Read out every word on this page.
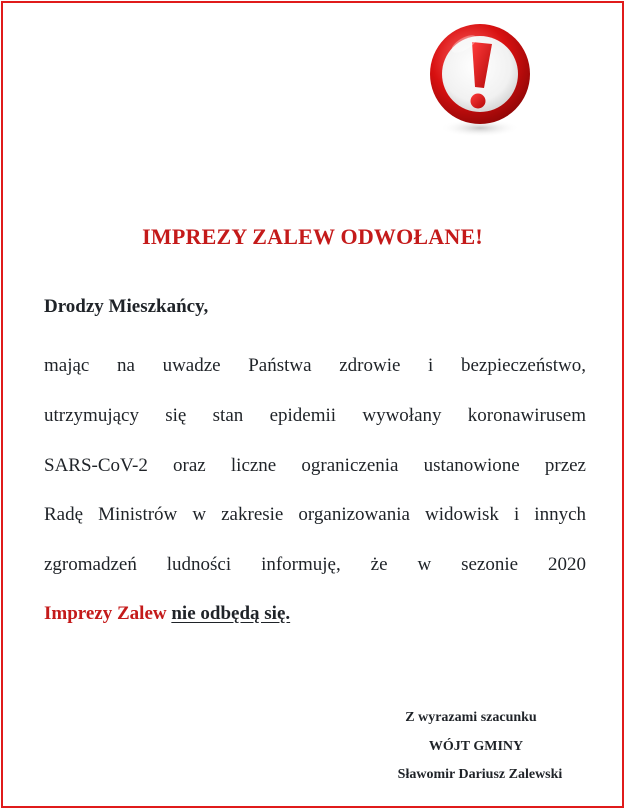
IMPREZY ZALEW ODWOŁANE!
Drodzy Mieszkańcy,
mając na uwadze Państwa zdrowie i bezpieczeństwo,
utrzymujący się stan epidemii wywołany koronawirusem
SARS-CoV-2 oraz liczne ograniczenia ustanowione przez
Radę Ministrów w zakresie organizowania widowisk i innych
zgromadzeń ludności informuję, że w sezonie 2020
Imprezy Zalew nie odbędą się.
Z wyrazami szacunku
WÓJT GMINY
Sławomir Dariusz Zalewski
